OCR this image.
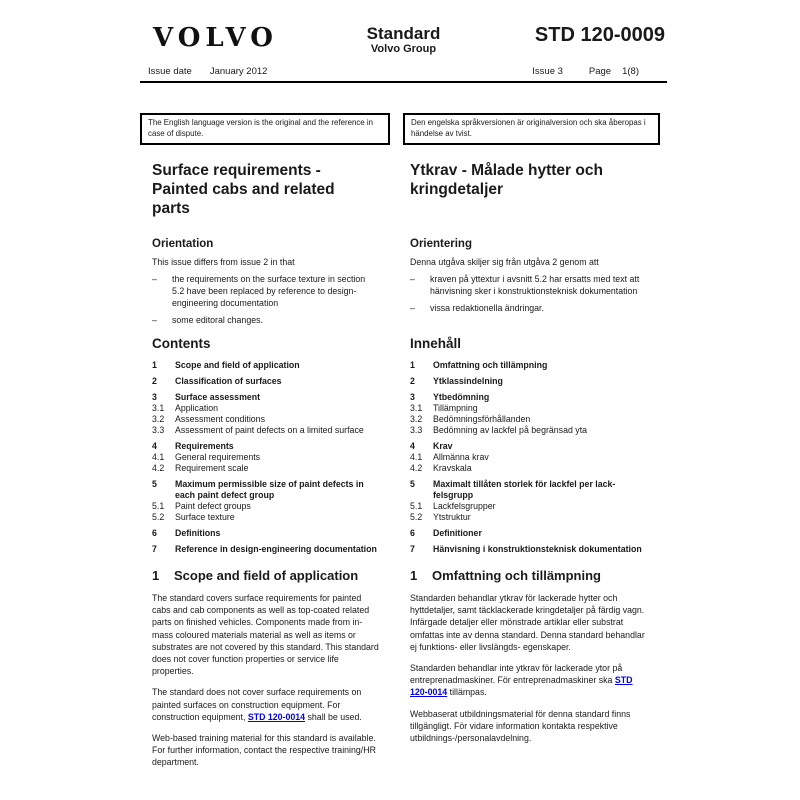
VOLVO	Standard
Volvo Group
STD 120-0009
Issue date January 2012	Issue 3	Page 1(8)
The English language version is the original and the reference in case of dispute.
Den engelska språkversionen är originalversion och ska åberopas i händelse av tvist.
Surface requirements - Painted cabs and related parts
Ytkrav - Målade hytter och kringdetaljer
Orientation	Orientering
This issue differs from issue 2 in that	Denna utgåva skiljer sig från utgåva 2 genom att
–	the requirements on the surface texture in section 5.2 have been replaced by reference to design-engineering documentation
–	some editoral changes.
–	kraven på yttextur i avsnitt 5.2 har ersatts med text att hänvisning sker i konstruktionsteknisk dokumentation
–	vissa redaktionella ändringar.
Contents	Innehåll
1	Scope and field of application
2	Classification of surfaces
3	Surface assessment
3.1	Application
3.2	Assessment conditions
3.3	Assessment of paint defects on a limited surface
4	Requirements
4.1	General requirements
4.2	Requirement scale
5	Maximum permissible size of paint defects in each paint defect group
5.1	Paint defect groups
5.2	Surface texture
6	Definitions
7	Reference in design-engineering documentation
1	Omfattning och tillämpning
2	Ytklassindelning
3	Ytbedömning
3.1	Tillämpning
3.2	Bedömningsförhållanden
3.3	Bedömning av lackfel på begränsad yta
4	Krav
4.1	Allmänna krav
4.2	Kravskala
5	Maximalt tillåten storlek för lackfel per lack-felsgrupp
5.1	Lackfelsgrupper
5.2	Ytstruktur
6	Definitioner
7	Hänvisning i konstruktionsteknisk dokumentation
1	Scope and field of application	1	Omfattning och tillämpning
The standard covers surface requirements for painted cabs and cab components as well as top-coated related parts on finished vehicles. Components made from in-mass coloured materials material as well as items or substrates are not covered by this standard. This standard does not cover function properties or service life properties.
The standard does not cover surface requirements on painted surfaces on construction equipment. For construction equipment, STD 120-0014 shall be used.
Web-based training material for this standard is available. For further information, contact the respective training/HR department.
Standarden behandlar ytkrav för lackerade hytter och hyttdetaljer, samt täcklackerade kringdetaljer på färdig vagn. Infärgade detaljer eller mönstrade artiklar eller substrat omfattas inte av denna standard. Denna standard behandlar ej funktions- eller livslängds- egenskaper.
Standarden behandlar inte ytkrav för lackerade ytor på entreprenadmaskiner. För entreprenadmaskiner ska STD 120-0014 tillämpas.
Webbaserat utbildningsmaterial för denna standard finns tillgängligt. För vidare information kontakta respektive utbildnings-/personalavdelning.
